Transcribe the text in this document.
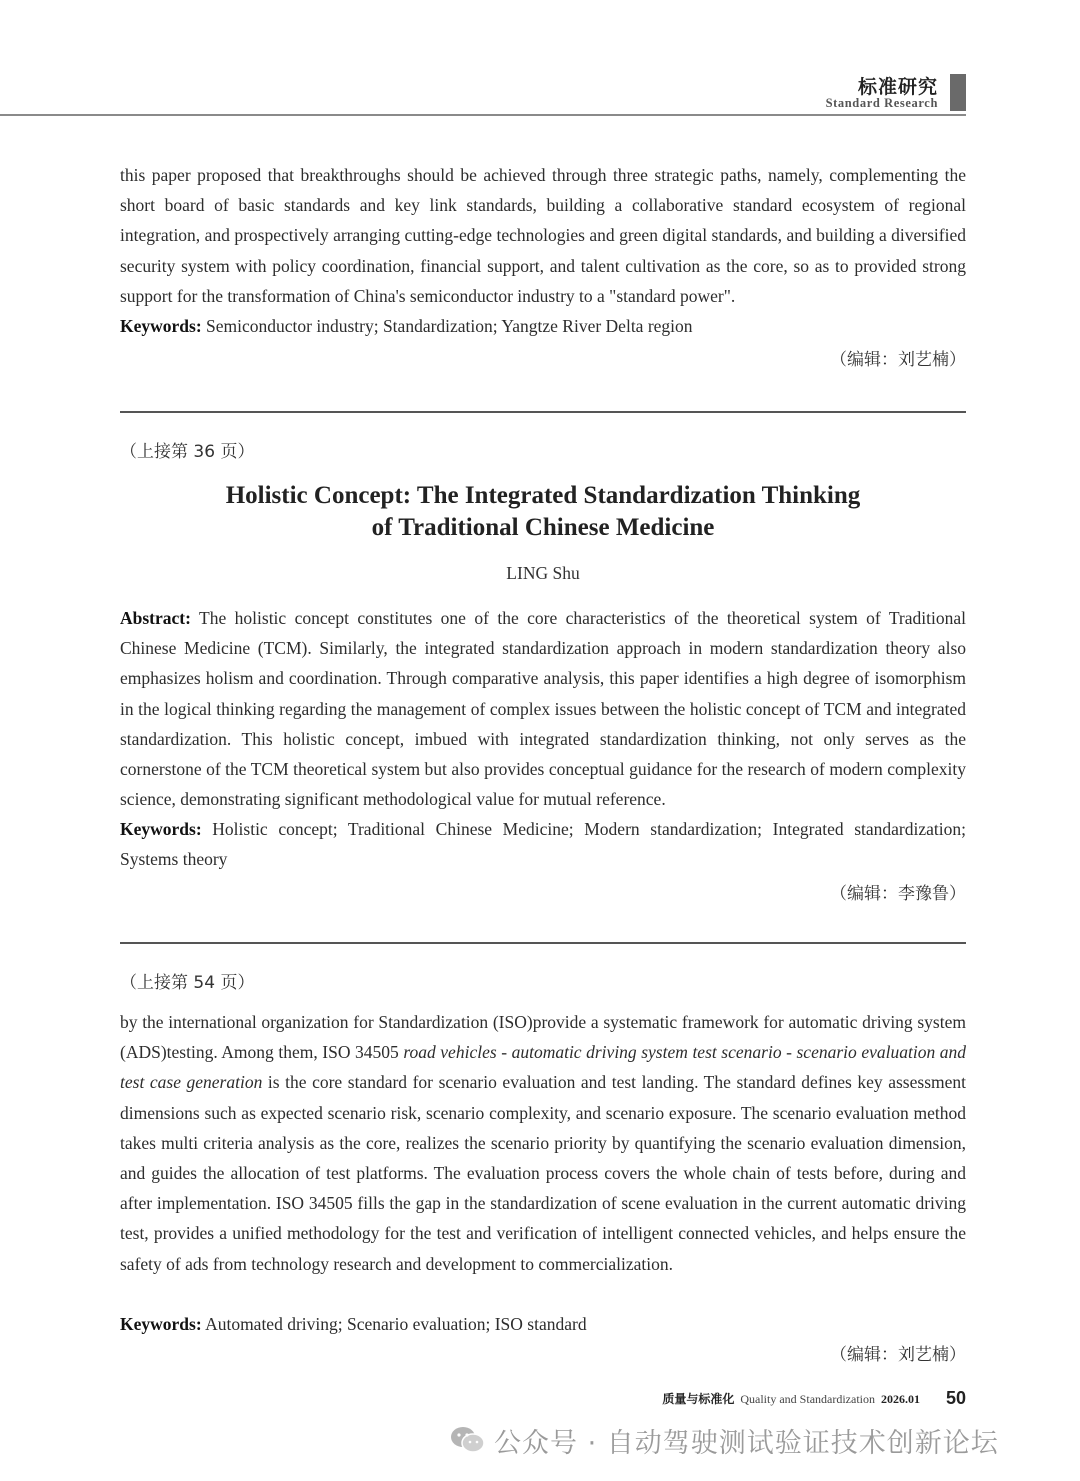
标准研究
Standard Research
this paper proposed that breakthroughs should be achieved through three strategic paths, namely, complementing the short board of basic standards and key link standards, building a collaborative standard ecosystem of regional integration, and prospectively arranging cutting-edge technologies and green digital standards, and building a diversified security system with policy coordination, financial support, and talent cultivation as the core, so as to provided strong support for the transformation of China's semiconductor industry to a "standard power".
Keywords: Semiconductor industry; Standardization; Yangtze River Delta region
（编辑：刘艺楠）
（上接第 36 页）
Holistic Concept: The Integrated Standardization Thinking
of Traditional Chinese Medicine
LING Shu
Abstract: The holistic concept constitutes one of the core characteristics of the theoretical system of Traditional Chinese Medicine (TCM). Similarly, the integrated standardization approach in modern standardization theory also emphasizes holism and coordination. Through comparative analysis, this paper identifies a high degree of isomorphism in the logical thinking regarding the management of complex issues between the holistic concept of TCM and integrated standardization. This holistic concept, imbued with integrated standardization thinking, not only serves as the cornerstone of the TCM theoretical system but also provides conceptual guidance for the research of modern complexity science, demonstrating significant methodological value for mutual reference.
Keywords: Holistic concept; Traditional Chinese Medicine; Modern standardization; Integrated standardization; Systems theory
（编辑：李豫鲁）
（上接第 54 页）
by the international organization for Standardization (ISO)provide a systematic framework for automatic driving system (ADS)testing. Among them, ISO 34505 road vehicles - automatic driving system test scenario - scenario evaluation and test case generation is the core standard for scenario evaluation and test landing. The standard defines key assessment dimensions such as expected scenario risk, scenario complexity, and scenario exposure. The scenario evaluation method takes multi criteria analysis as the core, realizes the scenario priority by quantifying the scenario evaluation dimension, and guides the allocation of test platforms. The evaluation process covers the whole chain of tests before, during and after implementation. ISO 34505 fills the gap in the standardization of scene evaluation in the current automatic driving test, provides a unified methodology for the test and verification of intelligent connected vehicles, and helps ensure the safety of ads from technology research and development to commercialization.
Keywords: Automated driving; Scenario evaluation; ISO standard
（编辑：刘艺楠）
质量与标准化 Quality and Standardization 2026.01 50
公众号 · 自动驾驶测试验证技术创新论坛
